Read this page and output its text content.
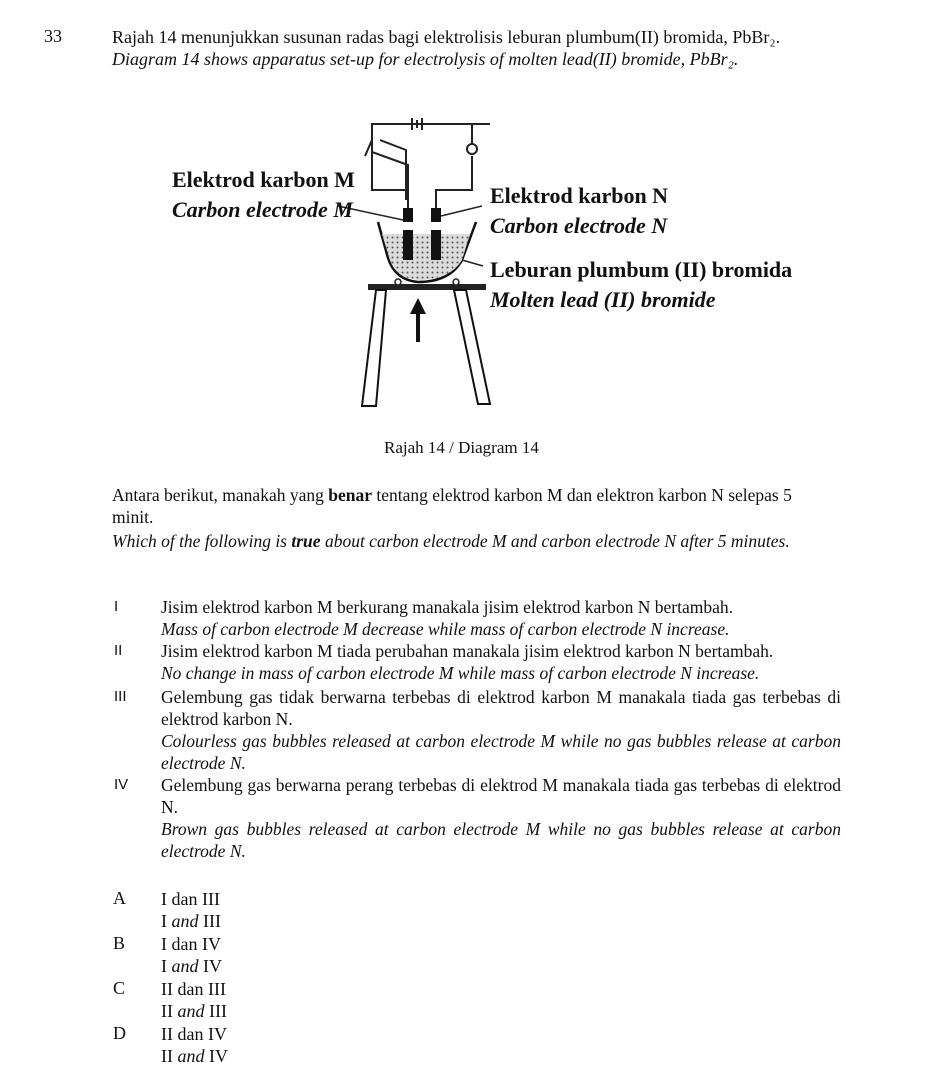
33	Rajah 14 menunjukkan susunan radas bagi elektrolisis leburan plumbum(II) bromida, PbBr₂.
Diagram 14 shows apparatus set-up for electrolysis of molten lead(II) bromide, PbBr₂.
Elektrod karbon M
Carbon electrode M
Elektrod karbon N
Carbon electrode N
Leburan plumbum (II) bromida
Molten lead (II) bromide
Rajah 14 / Diagram 14
Antara berikut, manakah yang benar tentang elektrod karbon M dan elektron karbon N selepas 5 minit.
Which of the following is true about carbon electrode M and carbon electrode N after 5 minutes.
I Jisim elektrod karbon M berkurang manakala jisim elektrod karbon N bertambah.
Mass of carbon electrode M decrease while mass of carbon electrode N increase.
II Jisim elektrod karbon M tiada perubahan manakala jisim elektrod karbon N bertambah.
No change in mass of carbon electrode M while mass of carbon electrode N increase.
III Gelembung gas tidak berwarna terbebas di elektrod karbon M manakala tiada gas terbebas di elektrod karbon N.
Colourless gas bubbles released at carbon electrode M while no gas bubbles release at carbon electrode N.
IV Gelembung gas berwarna perang terbebas di elektrod M manakala tiada gas terbebas di elektrod N.
Brown gas bubbles released at carbon electrode M while no gas bubbles release at carbon electrode N.
A I dan III
I and III
B I dan IV
I and IV
C II dan III
II and III
D II dan IV
II and IV
